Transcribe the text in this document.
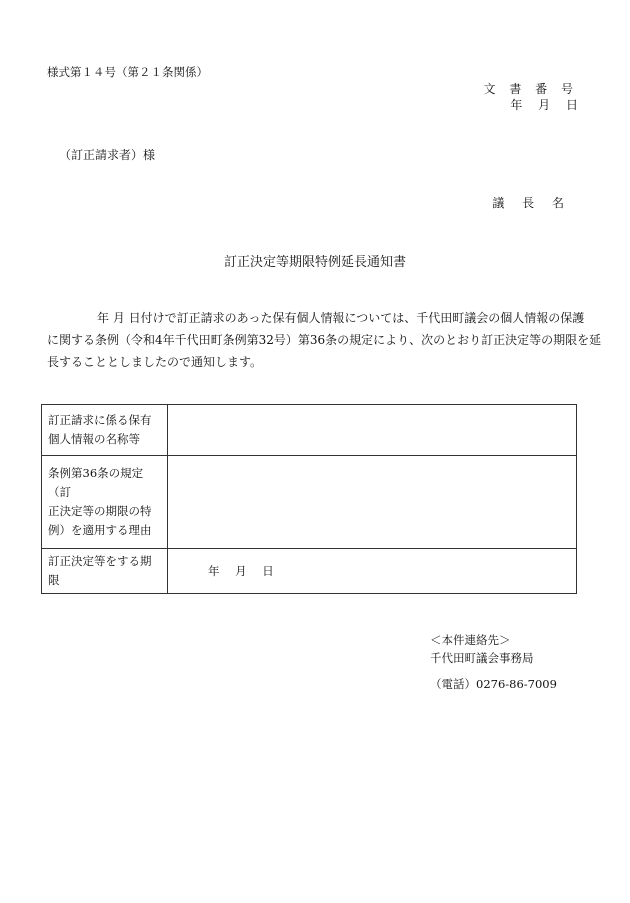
様式第１４号（第２１条関係）
文 書 番 号
年 月 日
（訂正請求者）様
議 長 名
訂正決定等期限特例延長通知書
年 月 日付けで訂正請求のあった保有個人情報については、千代田町議会の個人情報の保護
に関する条例（令和4年千代田町条例第32号）第36条の規定により、次のとおり訂正決定等の期限を延
長することとしましたので通知します。
訂正請求に係る保有
個人情報の名称等	

条例第36条の規定（訂
正決定等の期限の特
例）を適用する理由	

訂正決定等をする期
限	年 月 日
＜本件連絡先＞
千代田町議会事務局
（電話）0276-86-7009
